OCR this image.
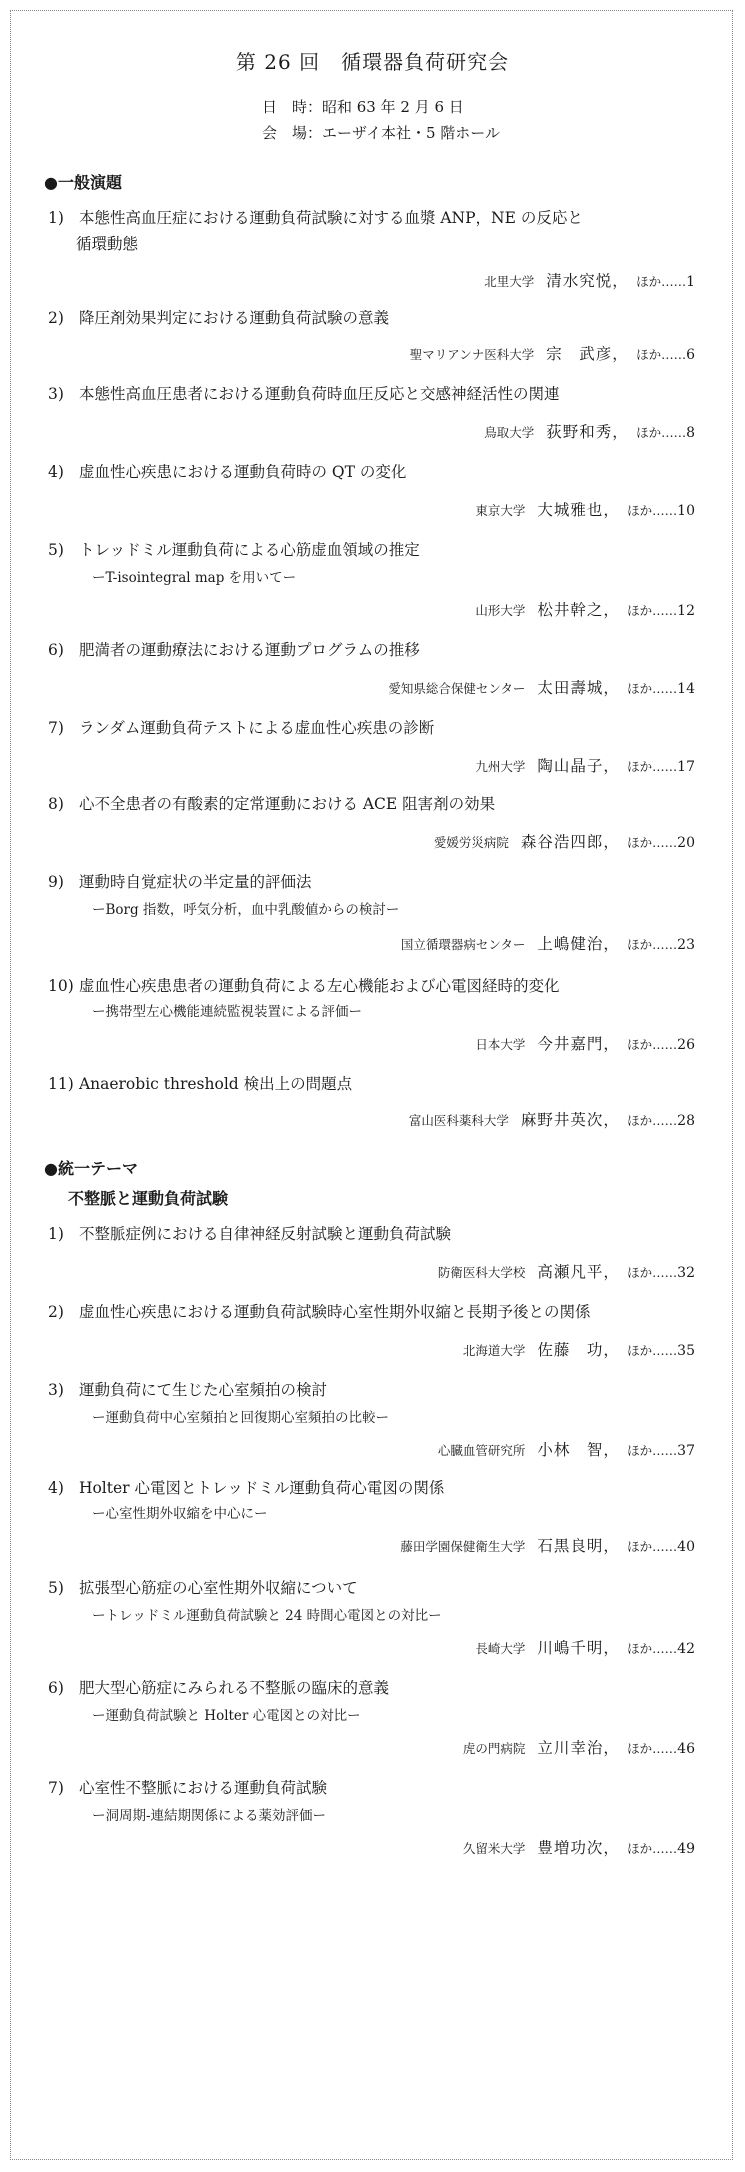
第 26 回　循環器負荷研究会
日　時：昭和 63 年 2 月 6 日
会　場：エーザイ本社・5 階ホール
●一般演題
1) 本態性高血圧症における運動負荷試験に対する血漿 ANP，NE の反応と
循環動態
北里大学 清水究悦，　 ほか……1
2) 降圧剤効果判定における運動負荷試験の意義
聖マリアンナ医科大学 宗　武彦，　 ほか……6
3) 本態性高血圧患者における運動負荷時血圧反応と交感神経活性の関連
鳥取大学 荻野和秀，　 ほか……8
4) 虚血性心疾患における運動負荷時の QT の変化
東京大学 大城雅也，　 ほか……10
5) トレッドミル運動負荷による心筋虚血領域の推定
ーT-isointegral map を用いてー
山形大学 松井幹之，　 ほか……12
6) 肥満者の運動療法における運動プログラムの推移
愛知県総合保健センター 太田壽城，　 ほか……14
7) ランダム運動負荷テストによる虚血性心疾患の診断
九州大学 陶山晶子，　 ほか……17
8) 心不全患者の有酸素的定常運動における ACE 阻害剤の効果
愛媛労災病院 森谷浩四郎，　 ほか……20
9) 運動時自覚症状の半定量的評価法
ーBorg 指数，呼気分析，血中乳酸値からの検討ー
国立循環器病センター 上嶋健治，　 ほか……23
10) 虚血性心疾患患者の運動負荷による左心機能および心電図経時的変化
ー携帯型左心機能連続監視装置による評価ー
日本大学 今井嘉門，　 ほか……26
11) Anaerobic threshold 検出上の問題点
富山医科薬科大学 麻野井英次，　 ほか……28
●統一テーマ
不整脈と運動負荷試験
1) 不整脈症例における自律神経反射試験と運動負荷試験
防衛医科大学校 高瀬凡平，　 ほか……32
2) 虚血性心疾患における運動負荷試験時心室性期外収縮と長期予後との関係
北海道大学 佐藤　功，　 ほか……35
3) 運動負荷にて生じた心室頻拍の検討
ー運動負荷中心室頻拍と回復期心室頻拍の比較ー
心臓血管研究所 小林　智，　 ほか……37
4) Holter 心電図とトレッドミル運動負荷心電図の関係
ー心室性期外収縮を中心にー
藤田学園保健衛生大学 石黒良明，　 ほか……40
5) 拡張型心筋症の心室性期外収縮について
ートレッドミル運動負荷試験と 24 時間心電図との対比ー
長崎大学 川嶋千明，　 ほか……42
6) 肥大型心筋症にみられる不整脈の臨床的意義
ー運動負荷試験と Holter 心電図との対比ー
虎の門病院 立川幸治，　 ほか……46
7) 心室性不整脈における運動負荷試験
ー洞周期-連結期関係による薬効評価ー
久留米大学 豊増功次，　 ほか……49
